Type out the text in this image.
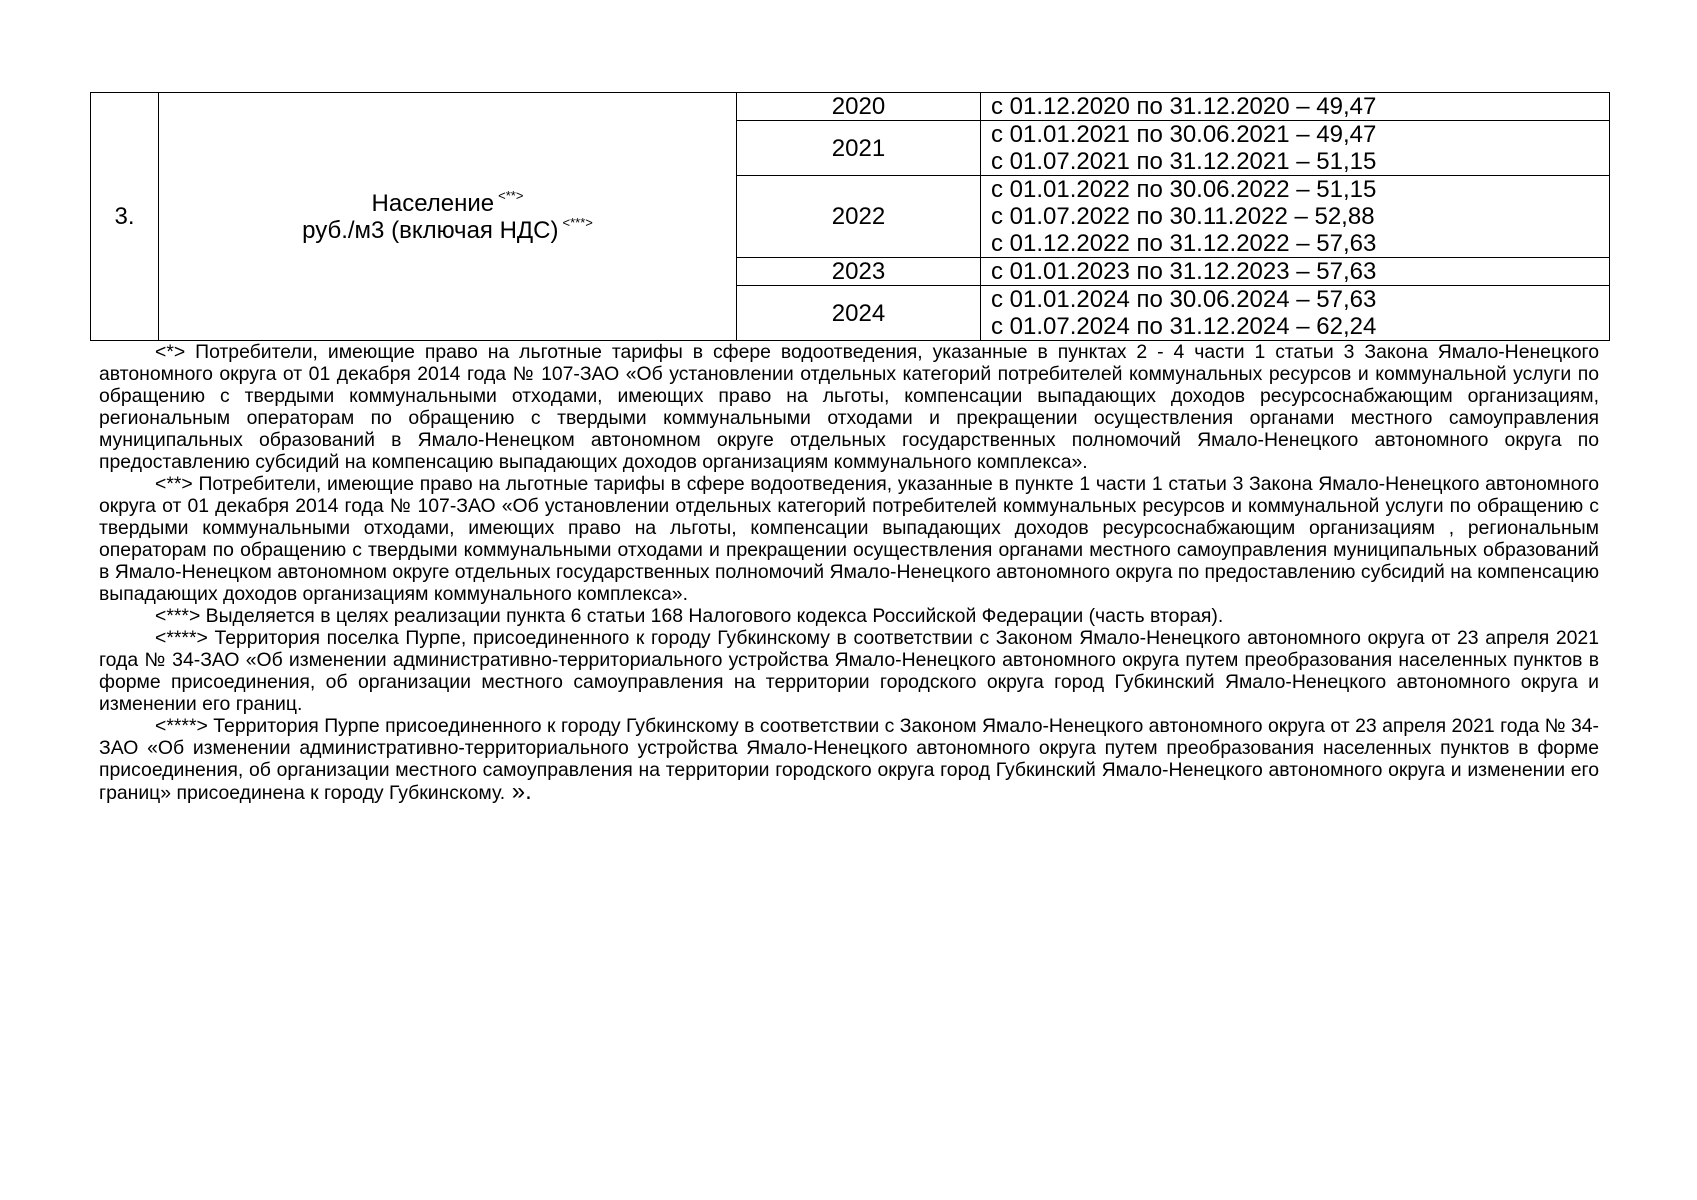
3.	Население <**>
руб./м3 (включая НДС) <***>	2020	с 01.12.2020 по 31.12.2020 – 49,47

		2021	с 01.01.2021 по 30.06.2021 – 49,47
с 01.07.2021 по 31.12.2021 – 51,15

		2022	с 01.01.2022 по 30.06.2022 – 51,15
с 01.07.2022 по 30.11.2022 – 52,88
с 01.12.2022 по 31.12.2022 – 57,63

		2023	с 01.01.2023 по 31.12.2023 – 57,63

		2024	с 01.01.2024 по 30.06.2024 – 57,63
с 01.07.2024 по 31.12.2024 – 62,24

<*> Потребители, имеющие право на льготные тарифы в сфере водоотведения, указанные в пунктах 2 - 4 части 1 статьи 3 Закона Ямало-Ненецкого автономного округа от 01 декабря 2014 года № 107-ЗАО «Об установлении отдельных категорий потребителей коммунальных ресурсов и коммунальной услуги по обращению с твердыми коммунальными отходами, имеющих право на льготы, компенсации выпадающих доходов ресурсоснабжающим организациям, региональным операторам по обращению с твердыми коммунальными отходами и прекращении осуществления органами местного самоуправления муниципальных образований в Ямало-Ненецком автономном округе отдельных государственных полномочий Ямало-Ненецкого автономного округа по предоставлению субсидий на компенсацию выпадающих доходов организациям коммунального комплекса».

<**> Потребители, имеющие право на льготные тарифы в сфере водоотведения, указанные в пункте 1 части 1 статьи 3 Закона Ямало-Ненецкого автономного округа от 01 декабря 2014 года № 107-ЗАО «Об установлении отдельных категорий потребителей коммунальных ресурсов и коммунальной услуги по обращению с твердыми коммунальными отходами, имеющих право на льготы, компенсации выпадающих доходов ресурсоснабжающим организациям , региональным операторам по обращению с твердыми коммунальными отходами и прекращении осуществления органами местного самоуправления муниципальных образований в Ямало-Ненецком автономном округе отдельных государственных полномочий Ямало-Ненецкого автономного округа по предоставлению субсидий на компенсацию выпадающих доходов организациям коммунального комплекса».

<***> Выделяется в целях реализации пункта 6 статьи 168 Налогового кодекса Российской Федерации (часть вторая).

<****> Территория поселка Пурпе, присоединенного к городу Губкинскому в соответствии с Законом Ямало-Ненецкого автономного округа от 23 апреля 2021 года № 34-ЗАО «Об изменении административно-территориального устройства Ямало-Ненецкого автономного округа путем преобразования населенных пунктов в форме присоединения, об организации местного самоуправления на территории городского округа город Губкинский Ямало-Ненецкого автономного округа и изменении его границ.

<****> Территория Пурпе присоединенного к городу Губкинскому в соответствии с Законом Ямало-Ненецкого автономного округа от 23 апреля 2021 года № 34-ЗАО «Об изменении административно-территориального устройства Ямало-Ненецкого автономного округа путем преобразования населенных пунктов в форме присоединения, об организации местного самоуправления на территории городского округа город Губкинский Ямало-Ненецкого автономного округа и изменении его границ» присоединена к городу Губкинскому. ».
